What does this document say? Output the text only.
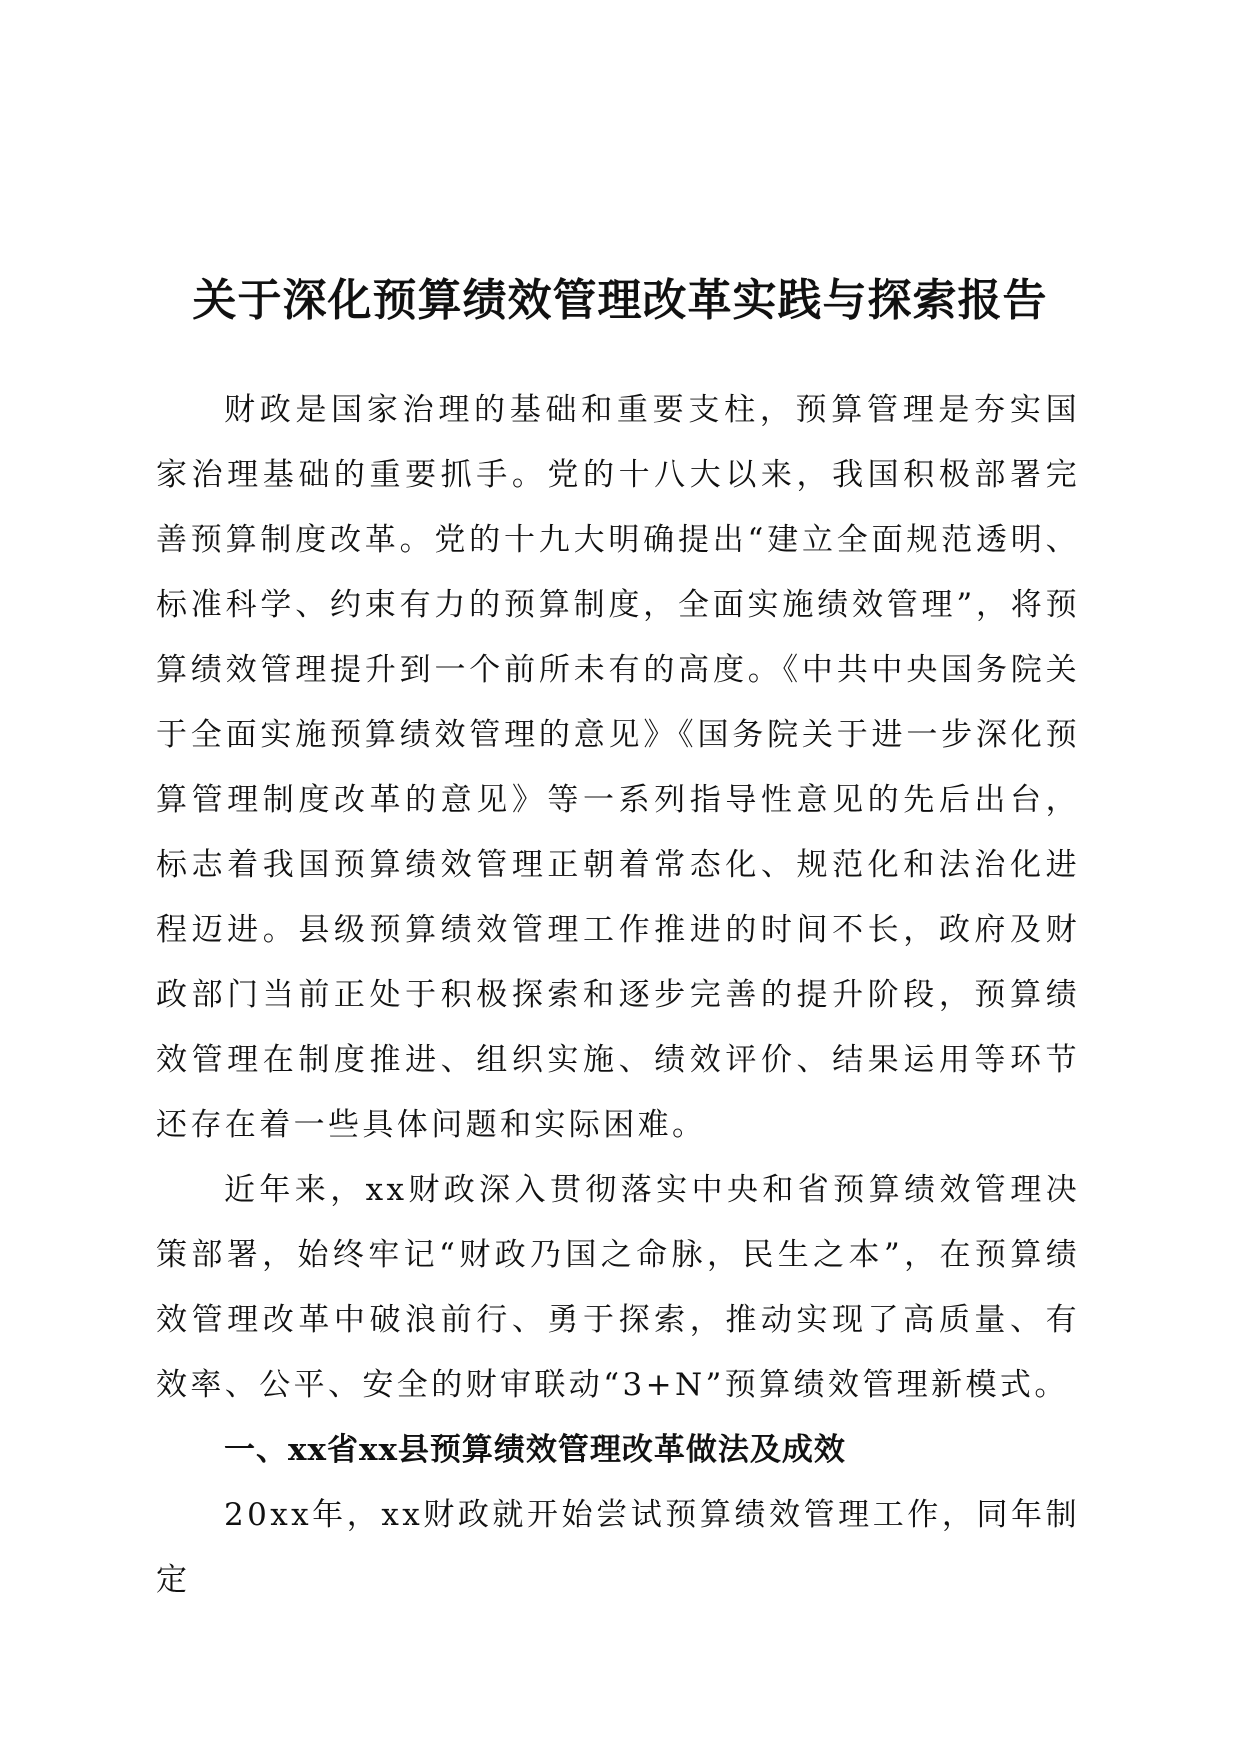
关于深化预算绩效管理改革实践与探索报告

财政是国家治理的基础和重要支柱，预算管理是夯实国家治理基础的重要抓手。党的十八大以来，我国积极部署完善预算制度改革。党的十九大明确提出“建立全面规范透明、标准科学、约束有力的预算制度，全面实施绩效管理”，将预算绩效管理提升到一个前所未有的高度。《中共中央国务院关于全面实施预算绩效管理的意见》《国务院关于进一步深化预算管理制度改革的意见》等一系列指导性意见的先后出台，标志着我国预算绩效管理正朝着常态化、规范化和法治化进程迈进。县级预算绩效管理工作推进的时间不长，政府及财政部门当前正处于积极探索和逐步完善的提升阶段，预算绩效管理在制度推进、组织实施、绩效评价、结果运用等环节还存在着一些具体问题和实际困难。

近年来，xx财政深入贯彻落实中央和省预算绩效管理决策部署，始终牢记“财政乃国之命脉，民生之本”，在预算绩效管理改革中破浪前行、勇于探索，推动实现了高质量、有效率、公平、安全的财审联动“3+N”预算绩效管理新模式。

一、xx省xx县预算绩效管理改革做法及成效

20xx年，xx财政就开始尝试预算绩效管理工作，同年制定
